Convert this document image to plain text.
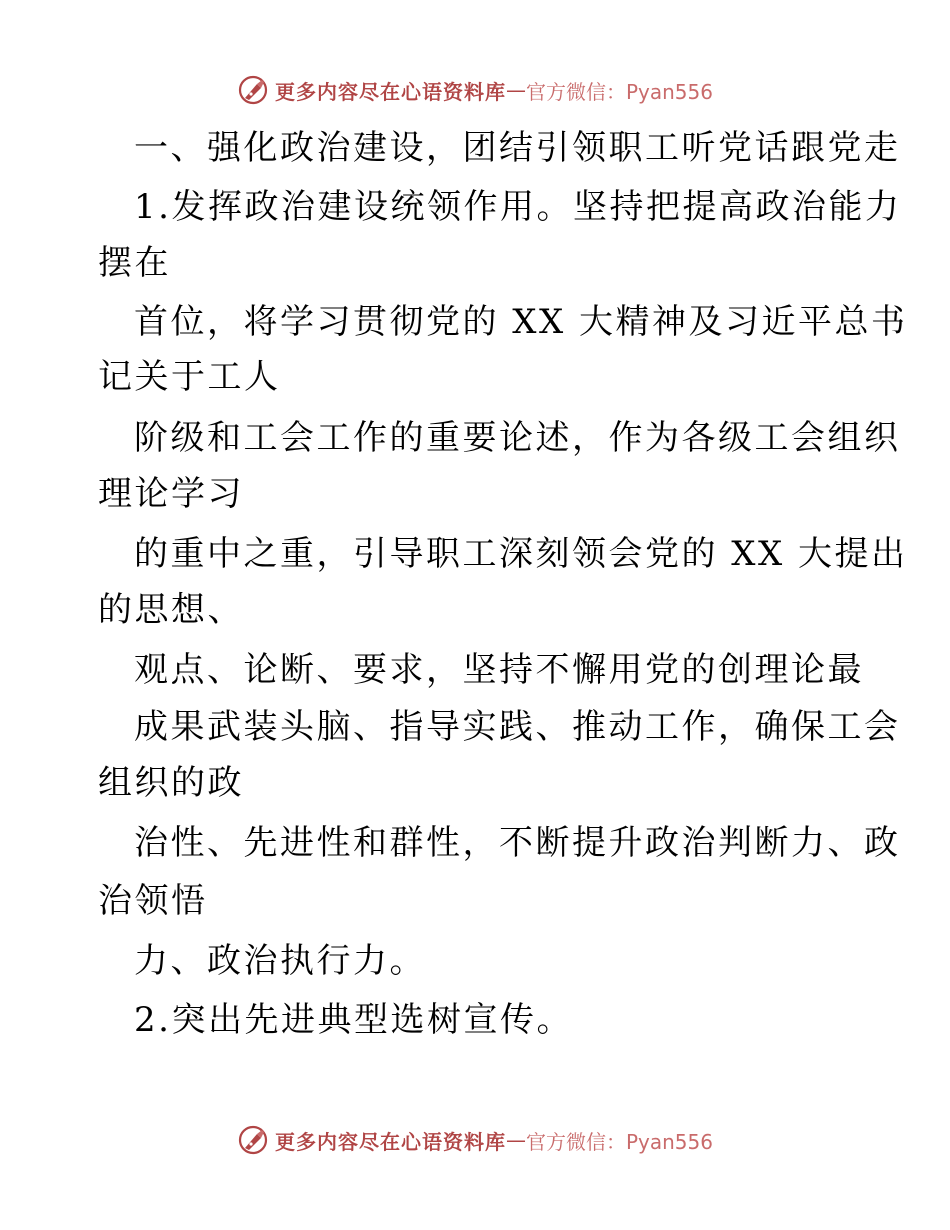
更多内容尽在心语资料库 — 官方微信：Pyan556
一、强化政治建设，团结引领职工听党话跟党走
1.发挥政治建设统领作用。坚持把提高政治能力
摆在
首位，将学习贯彻党的 XX 大精神及习近平总书
记关于工人
阶级和工会工作的重要论述，作为各级工会组织
理论学习
的重中之重，引导职工深刻领会党的 XX 大提出
的思想、
观点、论断、要求，坚持不懈用党的创理论最
成果武装头脑、指导实践、推动工作，确保工会
组织的政
治性、先进性和群性，不断提升政治判断力、政
治领悟
力、政治执行力。
2.突出先进典型选树宣传。
更多内容尽在心语资料库 — 官方微信：Pyan556
